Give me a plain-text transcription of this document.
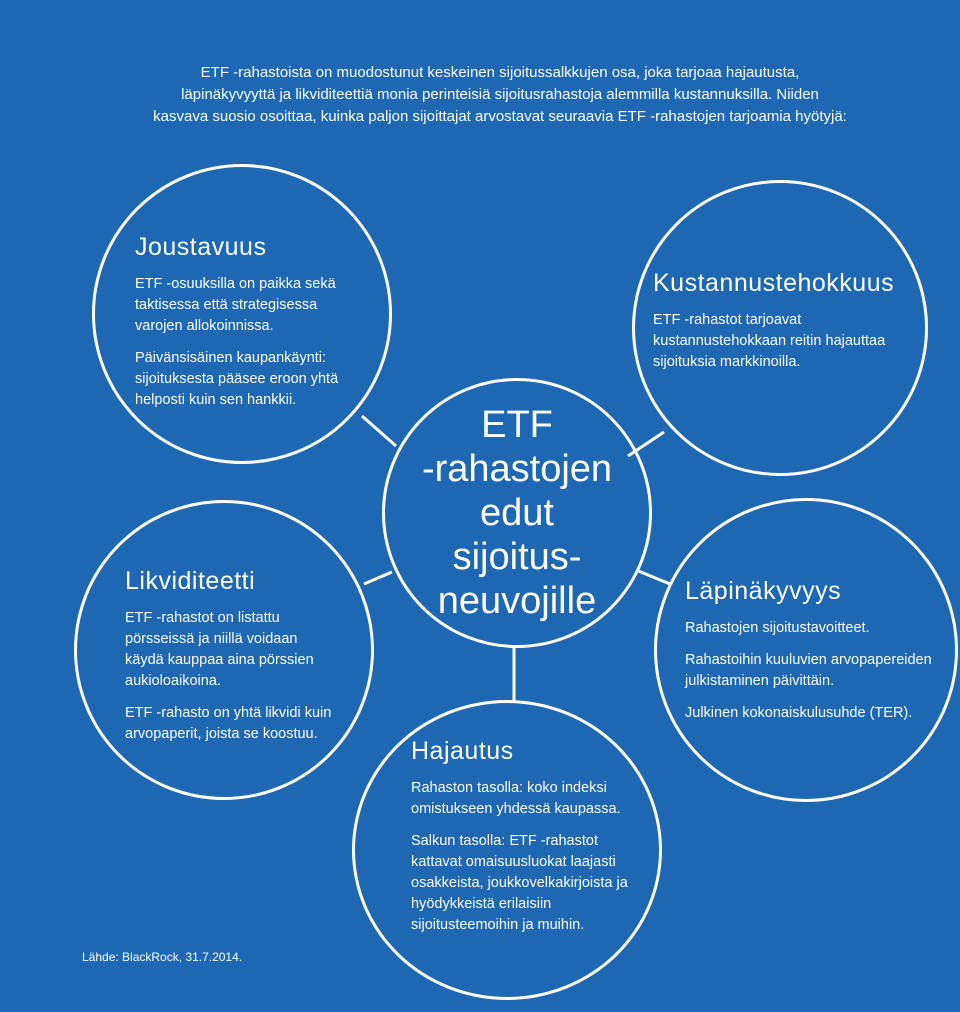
ETF -rahastoista on muodostunut keskeinen sijoitussalkkujen osa, joka tarjoaa hajautusta,

läpinäkyvyyttä ja likviditeettiä monia perinteisiä sijoitusrahastoja alemmilla kustannuksilla. Niiden

kasvava suosio osoittaa, kuinka paljon sijoittajat arvostavat seuraavia ETF -rahastojen tarjoamia hyötyjä:

Joustavuus

ETF -osuuksilla on paikka sekä taktisessa että strategisessa varojen allokoinnissa.

Päivänsisäinen kaupankäynti: sijoituksesta pääsee eroon yhtä helposti kuin sen hankkii.

Kustannustehokkuus

ETF -rahastot tarjoavat kustannustehokkaan reitin hajauttaa sijoituksia markkinoilla.

ETF
-rahastojen
edut
sijoitus-
neuvojille
Likviditeetti

ETF -rahastot on listattu pörsseissä ja niillä voidaan käydä kauppaa aina pörssien aukioloaikoina.

ETF -rahasto on yhtä likvidi kuin arvopaperit, joista se koostuu.

Läpinäkyvyys

Rahastojen sijoitustavoitteet.

Rahastoihin kuuluvien arvopapereiden julkistaminen päivittäin.

Julkinen kokonaiskulusuhde (TER).

Hajautus

Rahaston tasolla: koko indeksi omistukseen yhdessä kaupassa.

Salkun tasolla: ETF -rahastot kattavat omaisuusluokat laajasti osakkeista, joukkovelkakirjoista ja hyödykkeistä erilaisiin sijoitusteemoihin ja muihin.

Lähde: BlackRock, 31.7.2014.
